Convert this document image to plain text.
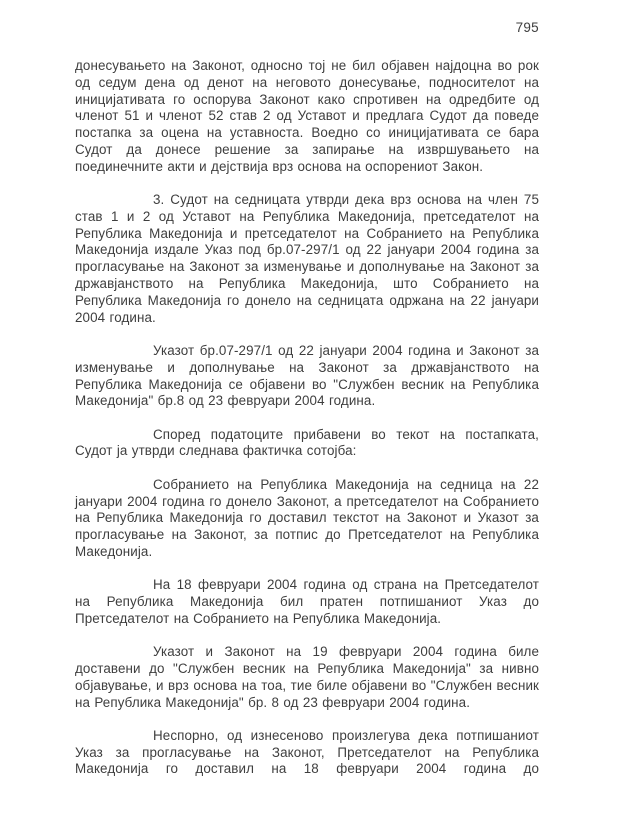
795

донесувањето на Законот, односно тој не бил објавен најдоцна во рок од седум дена од денот на неговото донесување, подносителот на иницијативата го оспорува Законот како спротивен на одредбите од членот 51 и членот 52 став 2 од Уставот и предлага Судот да поведе постапка за оцена на уставноста. Воедно со иницијативата се бара Судот да донесе решение за запирање на извршувањето на поединечните акти и дејствија врз основа на оспорениот Закон.

3. Судот на седницата утврди дека врз основа на член 75 став 1 и 2 од Уставот на Република Македонија, претседателот на Република Македонија и претседателот на Собранието на Република Македонија издале Указ под бр.07-297/1 од 22 јануари 2004 година за прогласување на Законот за изменување и дополнување на Законот за државјанството на Република Македонија, што Собранието на Република Македонија го донело на седницата одржана на 22 јануари 2004 година.

Указот бр.07-297/1 од 22 јануари 2004 година и Законот за изменување и дополнување на Законот за државјанството на Република Македонија се објавени во "Службен весник на Република Македонија" бр.8 од 23 февруари 2004 година.

Според податоците прибавени во текот на постапката, Судот ја утврди следнава фактичка сотојба:

Собранието на Република Македонија на седница на 22 јануари 2004 година го донело Законот, а претседателот на Собранието на Република Македонија го доставил текстот на Законот и Указот за прогласување на Законот, за потпис до Претседателот на Република Македонија.

На 18 февруари 2004 година од страна на Претседателот на Република Македонија бил пратен потпишаниот Указ до Претседателот на Собранието на Република Македонија.

Указот и Законот на 19 февруари 2004 година биле доставени до "Службен весник на Република Македонија" за нивно објавување, и врз основа на тоа, тие биле објавени во "Службен весник на Република Македонија" бр. 8 од 23 февруари 2004 година.

Неспорно, од изнесеново произлегува дека потпишаниот Указ за прогласување на Законот, Претседателот на Република Македонија го доставил на 18 февруари 2004 година до
